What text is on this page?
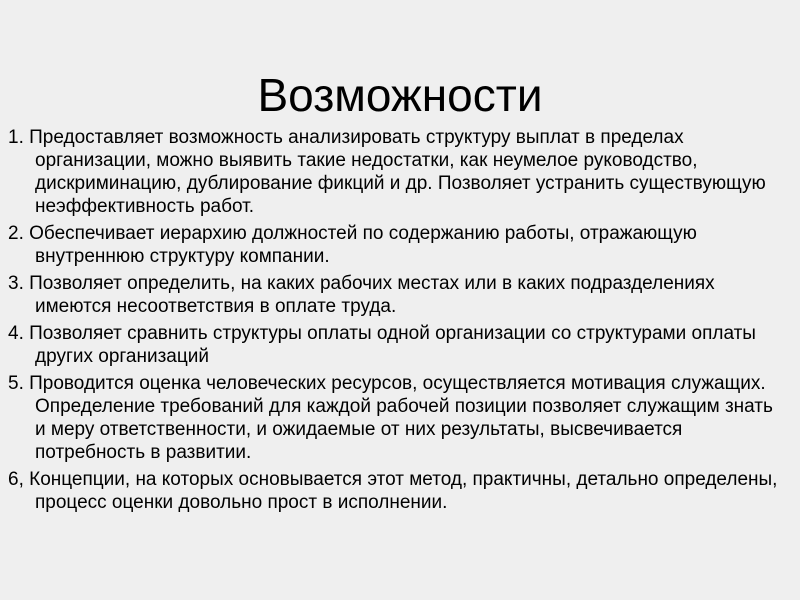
Возможности
1. Предоставляет возможность анализировать структуру выплат в пределах организации, можно выявить такие недостатки, как неумелое руководство, дискриминацию, дублирование фикций и др. Позволяет устранить существующую неэффективность работ.
2. Обеспечивает иерархию должностей по содержанию работы, отражающую внутреннюю структуру компании.
3. Позволяет определить, на каких рабочих местах или в каких подразделениях имеются несоответствия в оплате труда.
4. Позволяет сравнить структуры оплаты одной организации со структурами оплаты других организаций
5. Проводится оценка человеческих ресурсов, осуществляется мотивация служащих. Определение требований для каждой рабочей позиции позволяет служащим знать и меру ответственности, и ожидаемые от них результаты, высвечивается потребность в развитии.
6, Концепции, на которых основывается этот метод, практичны, детально определены, процесс оценки довольно прост в исполнении.
